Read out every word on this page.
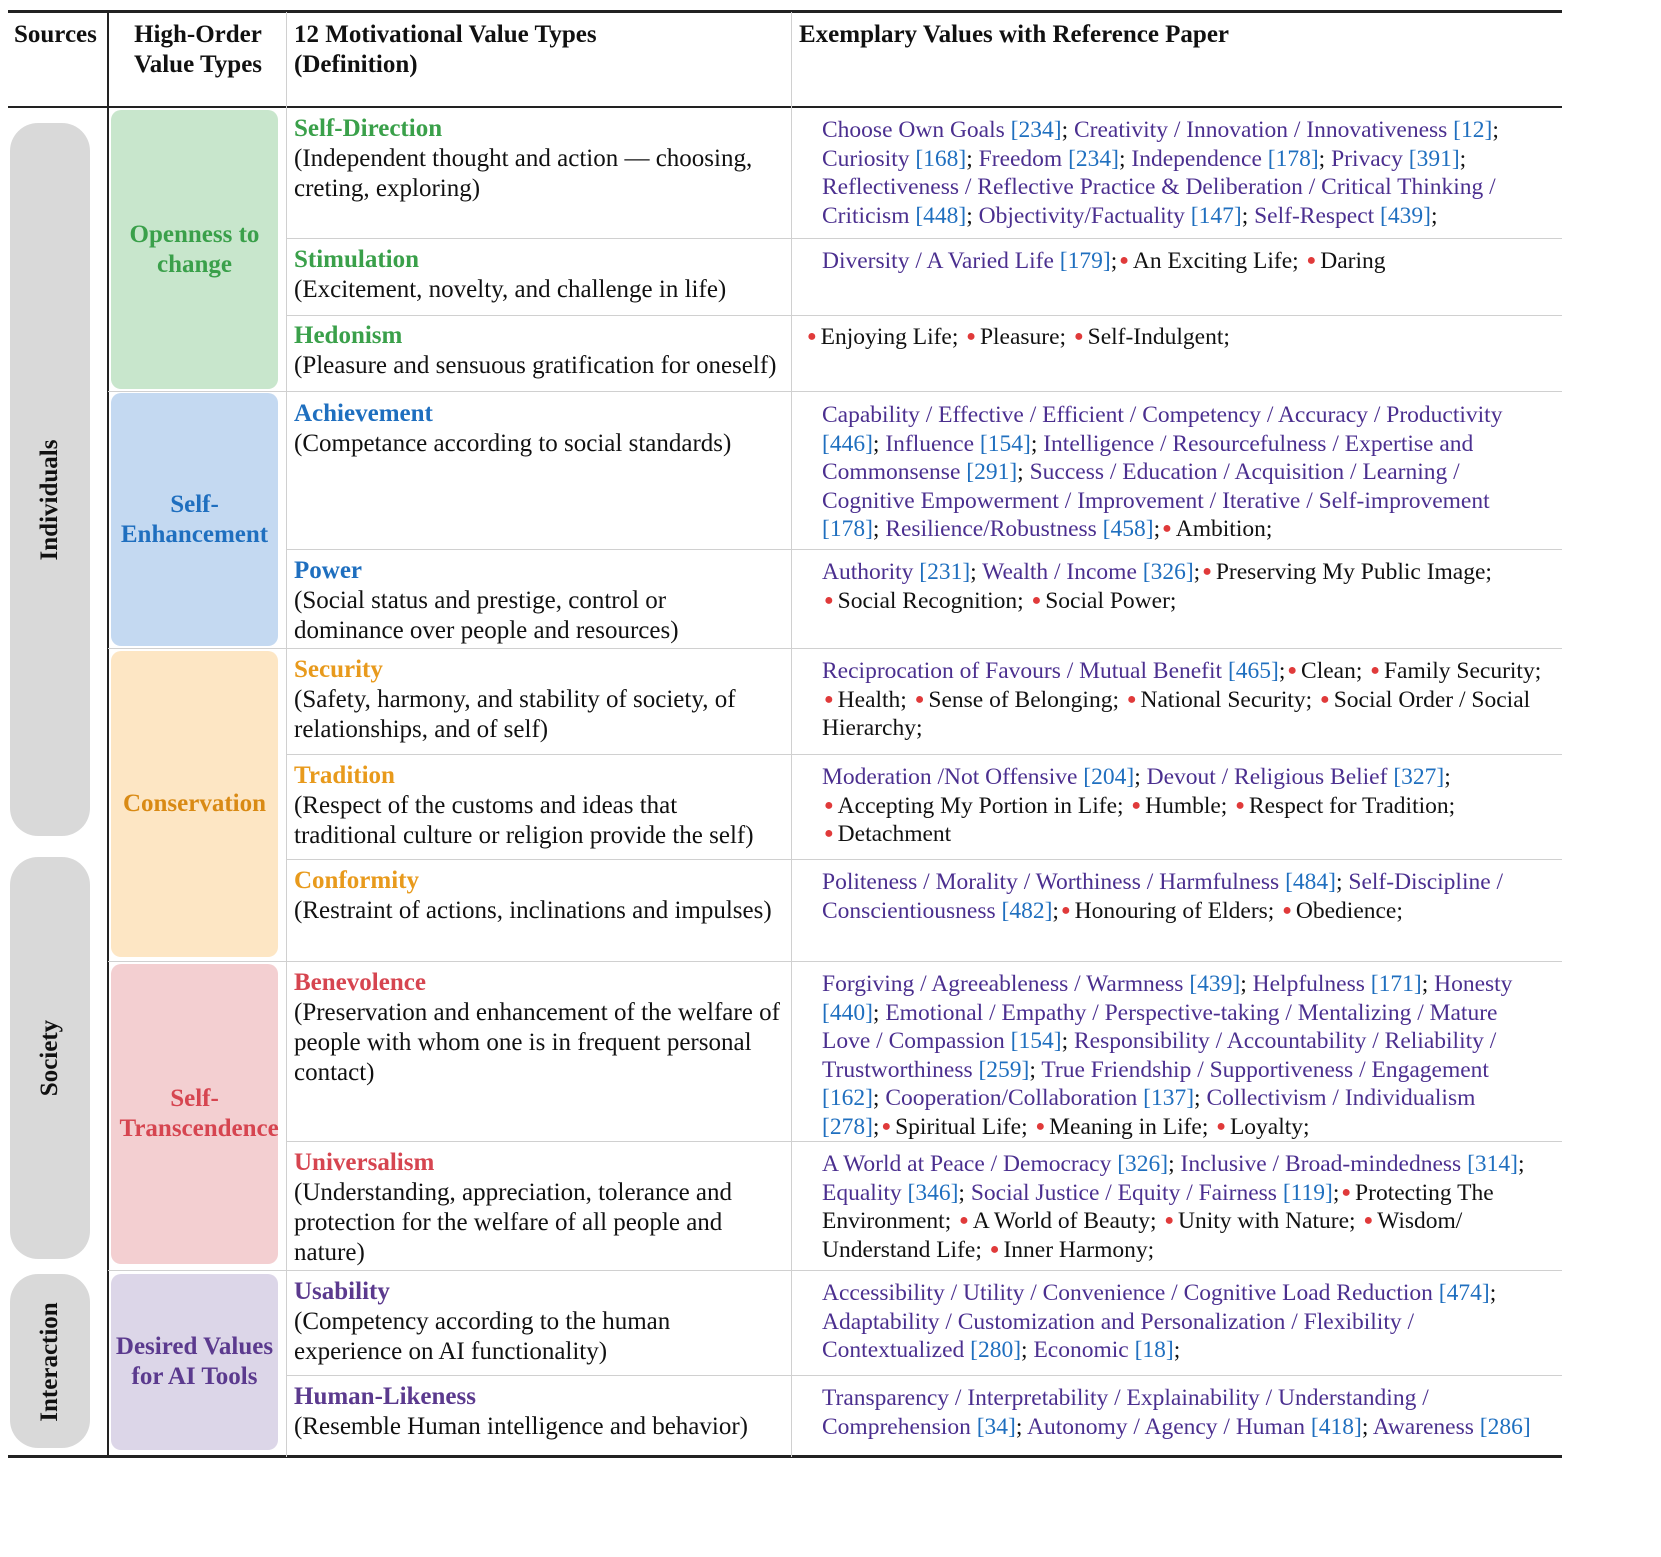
Sources	High-Order Value Types
12 Motivational Value Types (Definition)
Exemplary Values with Reference Paper
Individuals
Society
Interaction
Openness to change
Self-Enhancement
Conservation
Self-Transcendence
Desired Values for AI Tools
Self-Direction
(Independent thought and action — choosing, creting, exploring)
Stimulation
(Excitement, novelty, and challenge in life)
Hedonism
(Pleasure and sensuous gratification for oneself)
Achievement
(Competance according to social standards)
Power
(Social status and prestige, control or dominance over people and resources)
Security
(Safety, harmony, and stability of society, of relationships, and of self)
Tradition
(Respect of the customs and ideas that traditional culture or religion provide the self)
Conformity
(Restraint of actions, inclinations and impulses)
Benevolence
(Preservation and enhancement of the welfare of people with whom one is in frequent personal contact)
Universalism
(Understanding, appreciation, tolerance and protection for the welfare of all people and nature)
Usability
(Competency according to the human experience on AI functionality)
Human-Likeness
(Resemble Human intelligence and behavior)
Choose Own Goals [234]; Creativity / Innovation / Innovativeness [12]; Curiosity [168]; Freedom [234]; Independence [178]; Privacy [391]; Reflectiveness / Reflective Practice & Deliberation / Critical Thinking / Criticism [448]; Objectivity/Factuality [147]; Self-Respect [439];
Diversity / A Varied Life [179]; ● An Exciting Life; ● Daring
● Enjoying Life; ● Pleasure; ● Self-Indulgent;
Capability / Effective / Efficient / Competency / Accuracy / Productivity [446]; Influence [154]; Intelligence / Resourcefulness / Expertise and Commonsense [291]; Success / Education / Acquisition / Learning / Cognitive Empowerment / Improvement / Iterative / Self-improvement [178]; Resilience/Robustness [458]; ● Ambition;
Authority [231]; Wealth / Income [326]; ● Preserving My Public Image; ● Social Recognition; ● Social Power;
Reciprocation of Favours / Mutual Benefit [465]; ● Clean; ● Family Security; ● Health; ● Sense of Belonging; ● National Security; ● Social Order / Social Hierarchy;
Moderation /Not Offensive [204]; Devout / Religious Belief [327]; ● Accepting My Portion in Life; ● Humble; ● Respect for Tradition; ● Detachment
Politeness / Morality / Worthiness / Harmfulness [484]; Self-Discipline / Conscientiousness [482]; ● Honouring of Elders; ● Obedience;
Forgiving / Agreeableness / Warmness [439]; Helpfulness [171]; Honesty [440]; Emotional / Empathy / Perspective-taking / Mentalizing / Mature Love / Compassion [154]; Responsibility / Accountability / Reliability / Trustworthiness [259]; True Friendship / Supportiveness / Engagement [162]; Cooperation/Collaboration [137]; Collectivism / Individualism [278]; ● Spiritual Life; ● Meaning in Life; ● Loyalty;
A World at Peace / Democracy [326]; Inclusive / Broad-mindedness [314]; Equality [346]; Social Justice / Equity / Fairness [119]; ● Protecting The Environment; ● A World of Beauty; ● Unity with Nature; ● Wisdom/ Understand Life; ● Inner Harmony;
Accessibility / Utility / Convenience / Cognitive Load Reduction [474]; Adaptability / Customization and Personalization / Flexibility / Contextualized [280]; Economic [18];
Transparency / Interpretability / Explainability / Understanding / Comprehension [34]; Autonomy / Agency / Human [418]; Awareness [286]
